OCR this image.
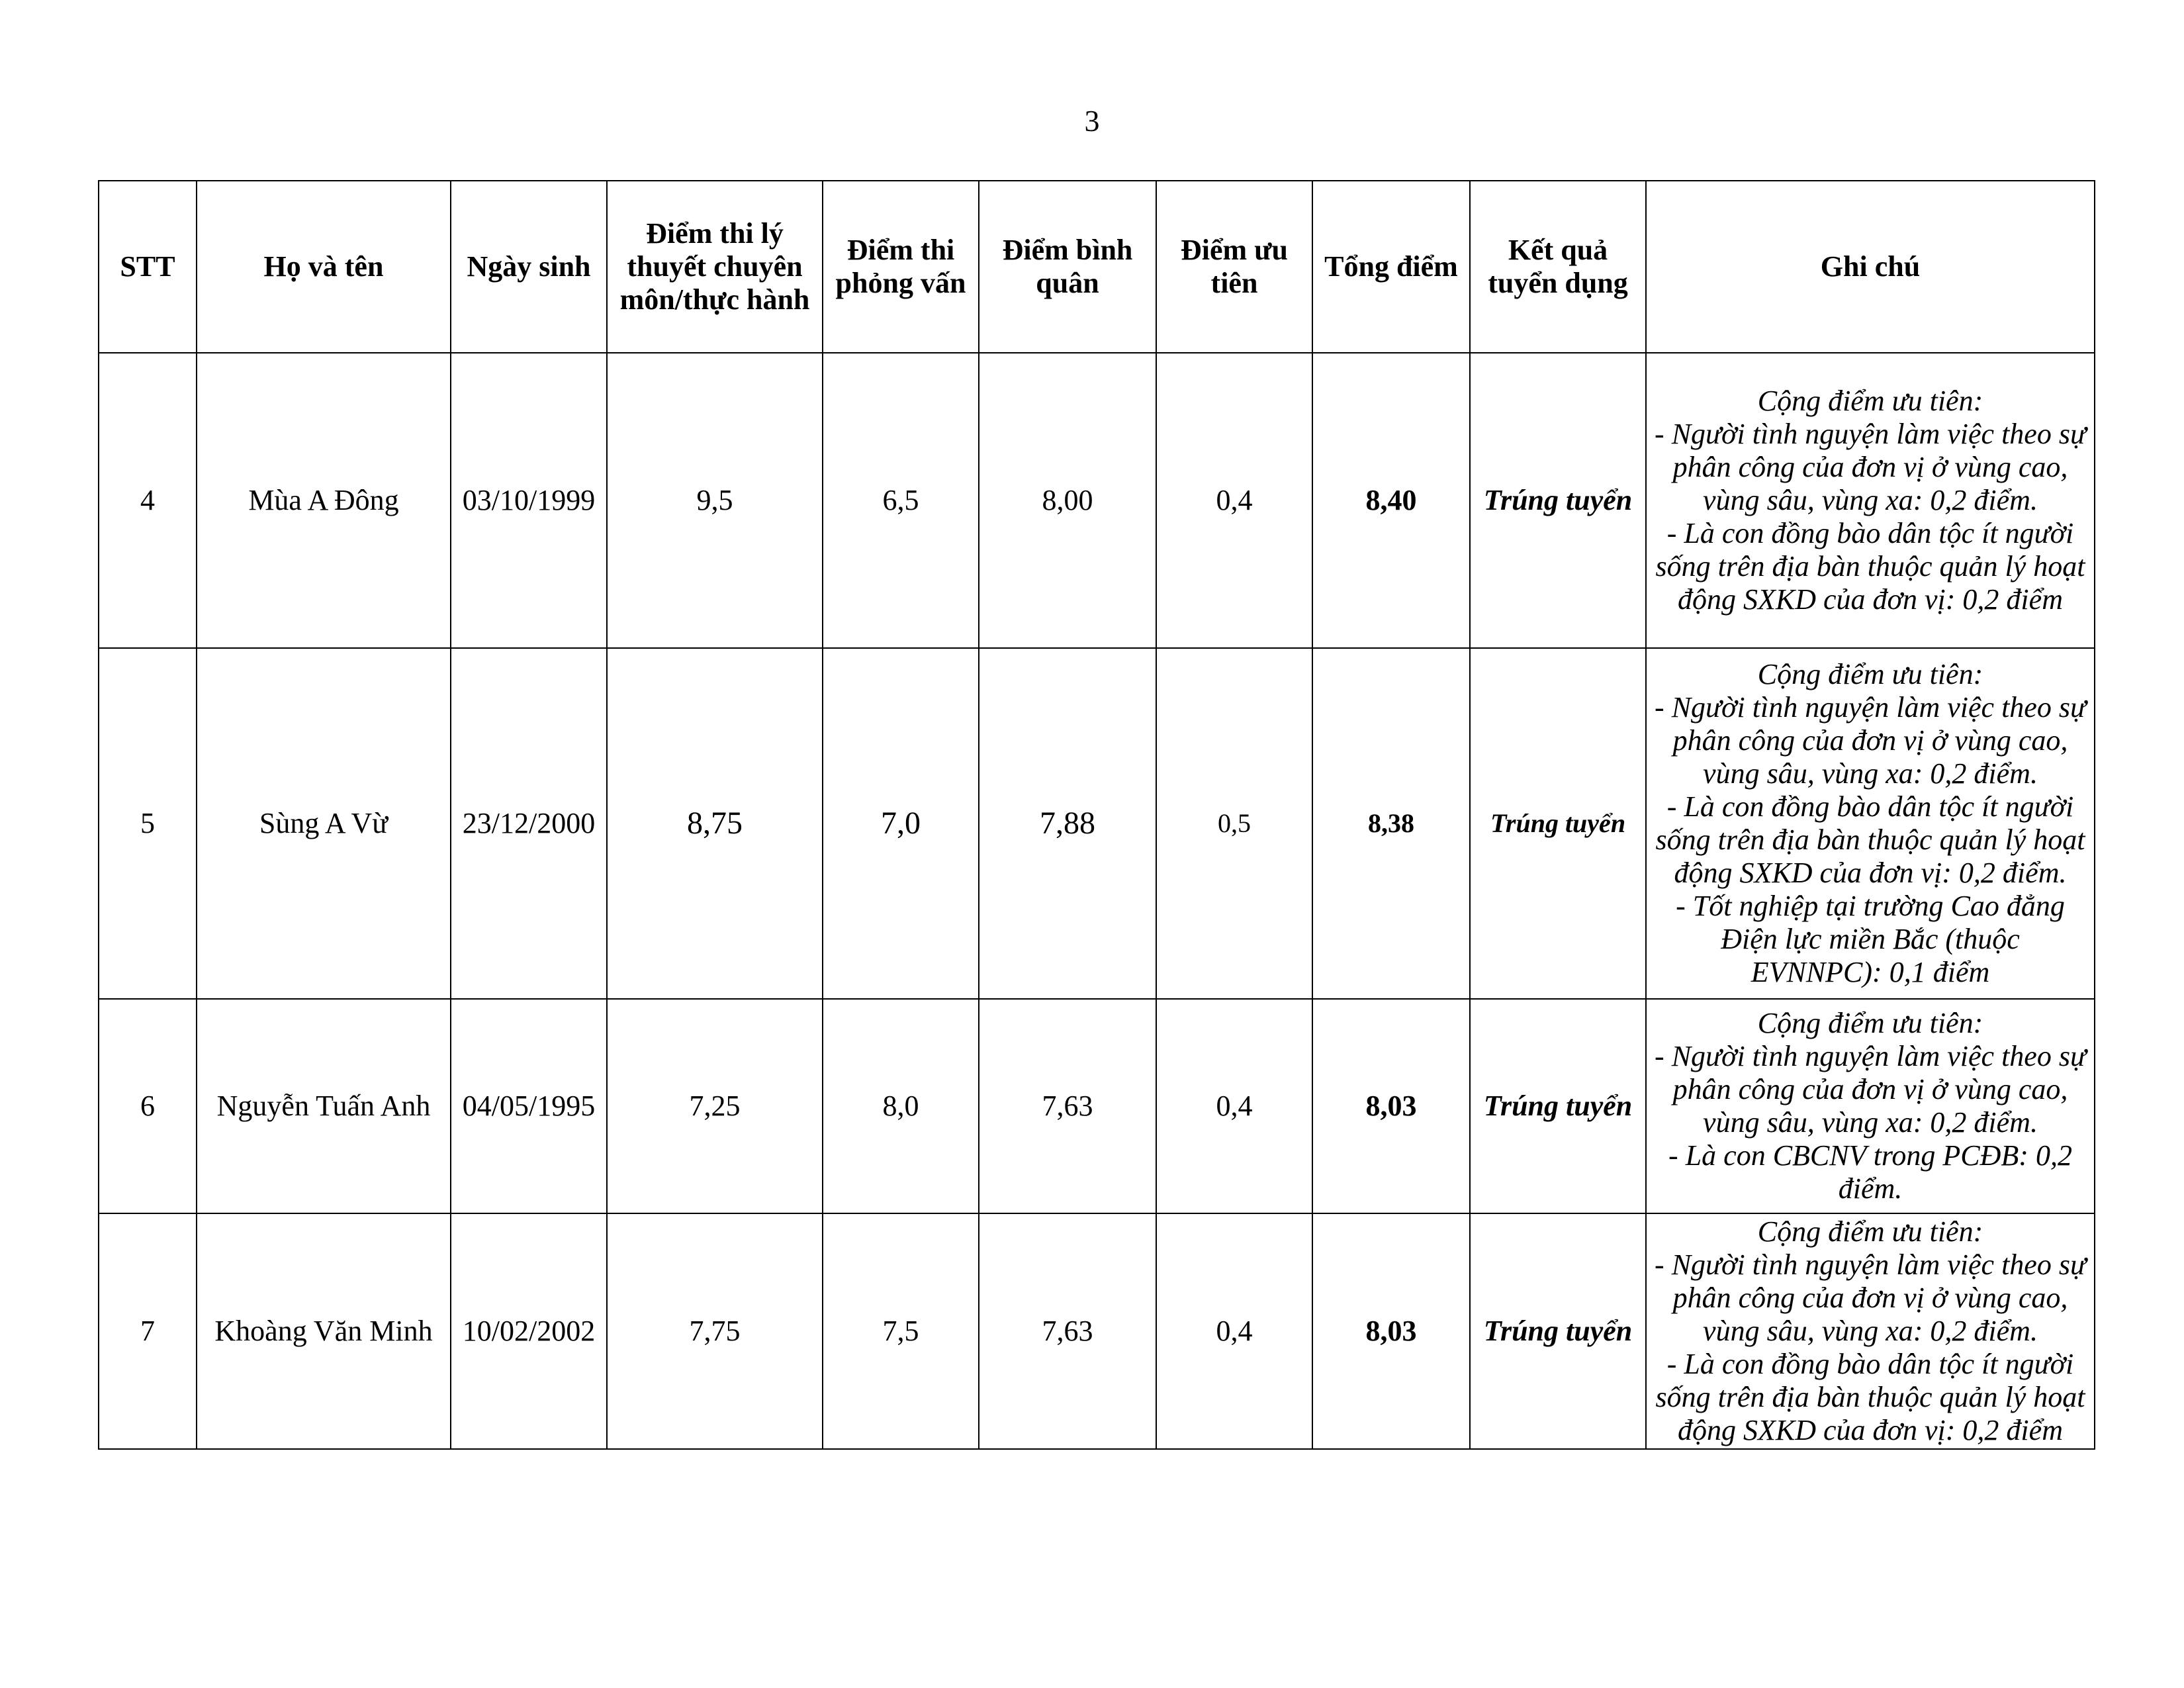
3
STT	Họ và tên	Ngày sinh	Điểm thi lý thuyết chuyên môn/thực hành	Điểm thi phỏng vấn	Điểm bình quân	Điểm ưu tiên	Tổng điểm	Kết quả tuyển dụng	Ghi chú
4	Mùa A Đông	03/10/1999	9,5	6,5	8,00	0,4	8,40	Trúng tuyển	Cộng điểm ưu tiên:
- Người tình nguyện làm việc theo sự phân công của đơn vị ở vùng cao, vùng sâu, vùng xa: 0,2 điểm.
- Là con đồng bào dân tộc ít người sống trên địa bàn thuộc quản lý hoạt động SXKD của đơn vị: 0,2 điểm

5	Sùng A Vừ	23/12/2000	8,75	7,0	7,88	0,5	8,38	Trúng tuyển	Cộng điểm ưu tiên:
- Người tình nguyện làm việc theo sự phân công của đơn vị ở vùng cao, vùng sâu, vùng xa: 0,2 điểm.
- Là con đồng bào dân tộc ít người sống trên địa bàn thuộc quản lý hoạt động SXKD của đơn vị: 0,2 điểm.
- Tốt nghiệp tại trường Cao đẳng Điện lực miền Bắc (thuộc EVNNPC): 0,1 điểm

6	Nguyễn Tuấn Anh	04/05/1995	7,25	8,0	7,63	0,4	8,03	Trúng tuyển	Cộng điểm ưu tiên:
- Người tình nguyện làm việc theo sự phân công của đơn vị ở vùng cao, vùng sâu, vùng xa: 0,2 điểm.
- Là con CBCNV trong PCĐB: 0,2 điểm.

7	Khoàng Văn Minh	10/02/2002	7,75	7,5	7,63	0,4	8,03	Trúng tuyển	Cộng điểm ưu tiên:
- Người tình nguyện làm việc theo sự phân công của đơn vị ở vùng cao, vùng sâu, vùng xa: 0,2 điểm.
- Là con đồng bào dân tộc ít người sống trên địa bàn thuộc quản lý hoạt động SXKD của đơn vị: 0,2 điểm
